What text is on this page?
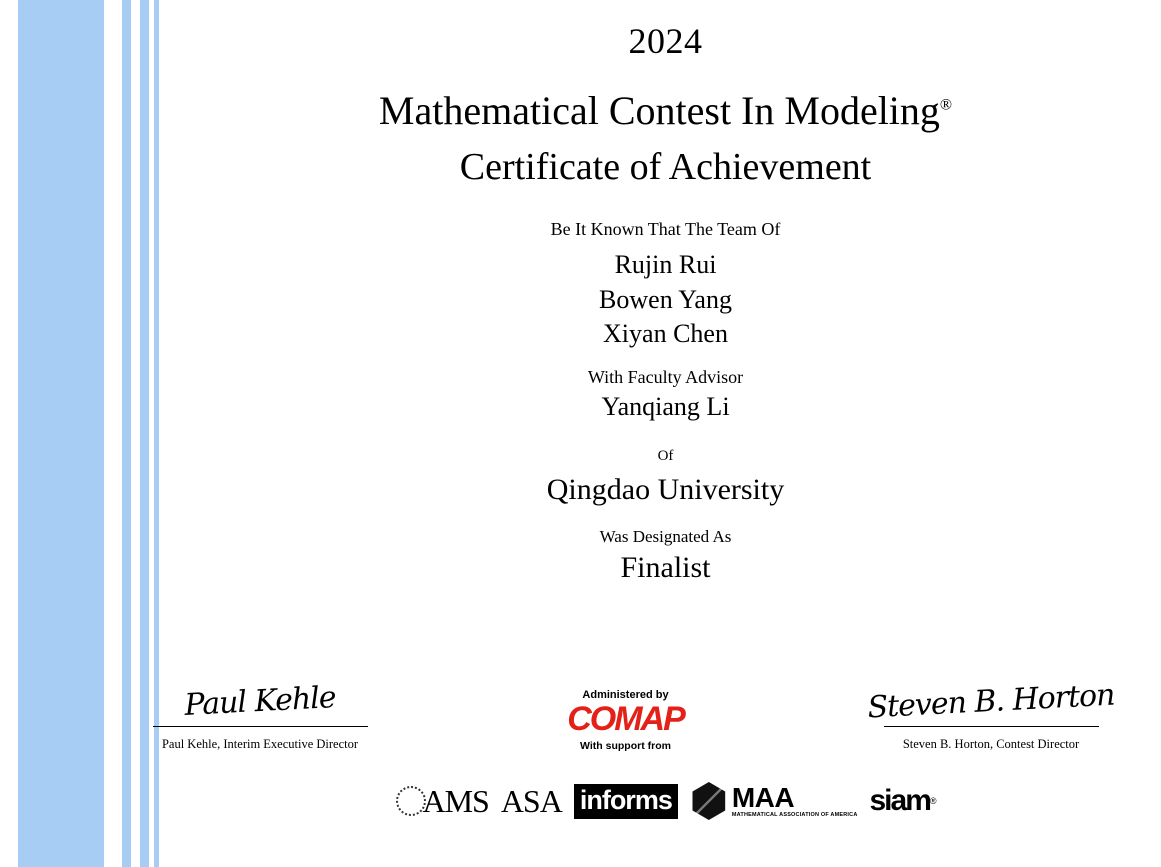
2024
Mathematical Contest In Modeling®
Certificate of Achievement
Be It Known That The Team Of
Rujin Rui
Bowen Yang
Xiyan Chen
With Faculty Advisor
Yanqiang Li
Of
Qingdao University
Was Designated As
Finalist
Paul Kehle
Paul Kehle, Interim Executive Director
Administered by
COMAP
With support from
Steven B. Horton
Steven B. Horton, Contest Director
AMS ASA informs MAA
MATHEMATICAL ASSOCIATION OF AMERICA siam ®
